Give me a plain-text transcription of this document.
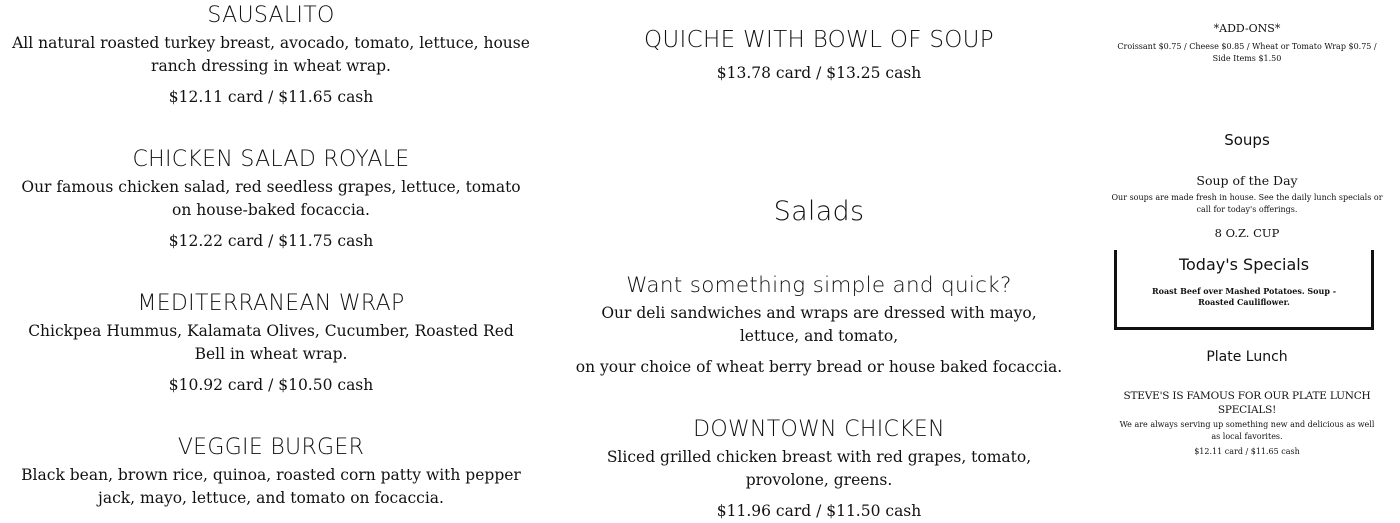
SAUSALITO
All natural roasted turkey breast, avocado, tomato, lettuce, house ranch dressing in wheat wrap.
$12.11 card / $11.65 cash
CHICKEN SALAD ROYALE
Our famous chicken salad, red seedless grapes, lettuce, tomato on house-baked focaccia.
$12.22 card / $11.75 cash
MEDITERRANEAN WRAP
Chickpea Hummus, Kalamata Olives, Cucumber, Roasted Red Bell in wheat wrap.
$10.92 card / $10.50 cash
VEGGIE BURGER
Black bean, brown rice, quinoa, roasted corn patty with pepper jack, mayo, lettuce, and tomato on focaccia.
QUICHE WITH BOWL OF SOUP
$13.78 card / $13.25 cash
Salads
Want something simple and quick?
Our deli sandwiches and wraps are dressed with mayo, lettuce, and tomato,
on your choice of wheat berry bread or house baked focaccia.
DOWNTOWN CHICKEN
Sliced grilled chicken breast with red grapes, tomato, provolone, greens.
$11.96 card / $11.50 cash
*ADD-ONS*
Croissant $0.75 / Cheese $0.85 / Wheat or Tomato Wrap $0.75 / Side Items $1.50
Soups
Soup of the Day
Our soups are made fresh in house. See the daily lunch specials or call for today's offerings.
8 O.Z. CUP
Today's Specials
Roast Beef over Mashed Potatoes. Soup - Roasted Cauliflower.
Plate Lunch
STEVE'S IS FAMOUS FOR OUR PLATE LUNCH SPECIALS!
We are always serving up something new and delicious as well as local favorites.
$12.11 card / $11.65 cash
